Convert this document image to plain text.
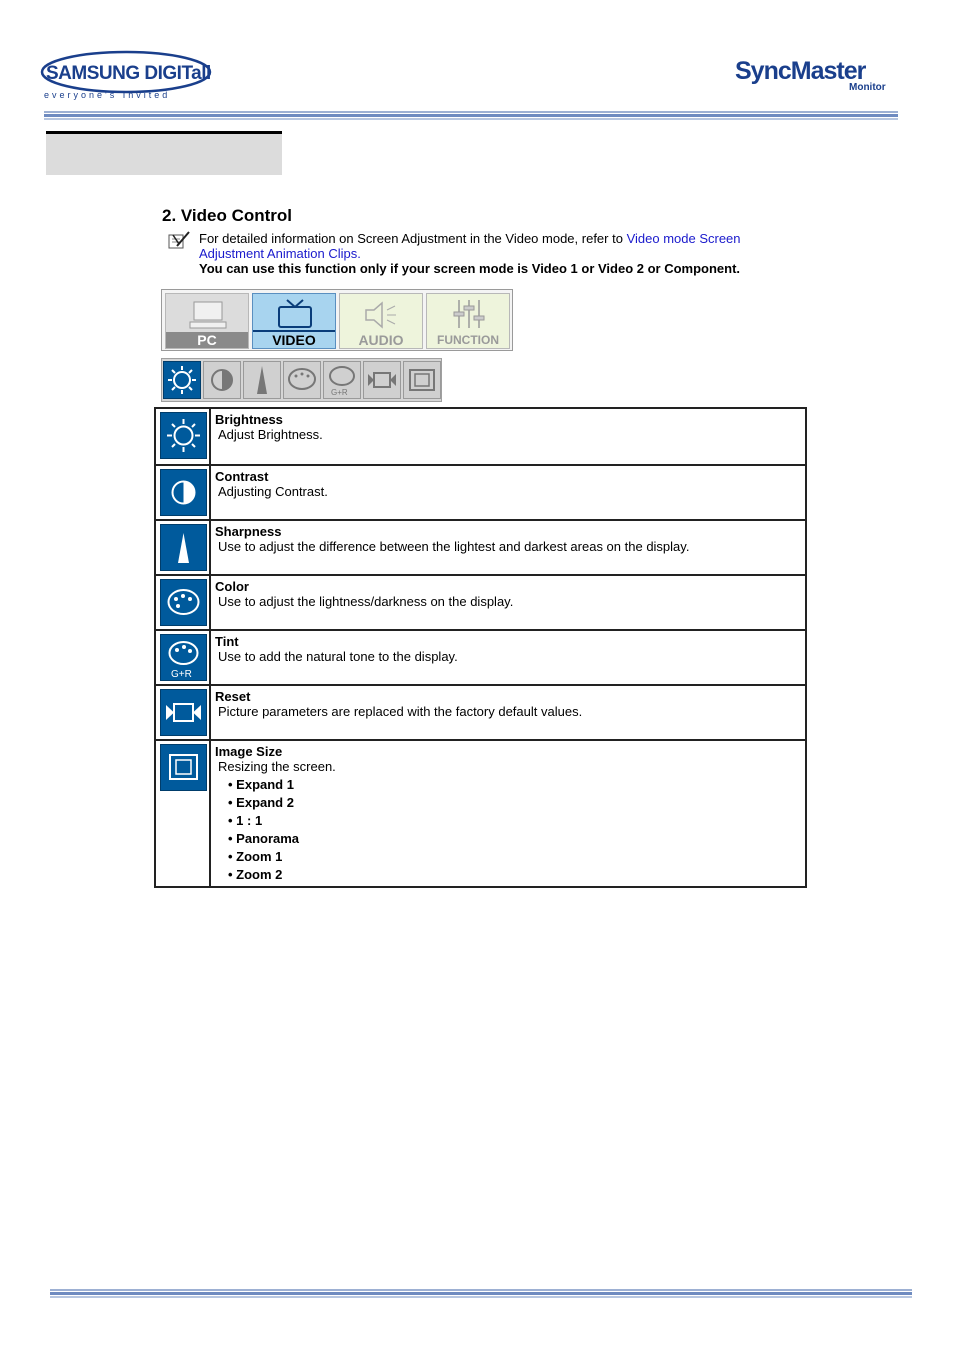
SAMSUNG DIGITall
everyone's Invited
SyncMaster
Monitor
2. Video Control
For detailed information on Screen Adjustment in the Video mode, refer to Video mode Screen Adjustment Animation Clips.
You can use this function only if your screen mode is Video 1 or Video 2 or Component.
PC	VIDEO	AUDIO	FUNCTION
G+R
Brightness
Adjust Brightness.
Contrast
Adjusting Contrast.
Sharpness
Use to adjust the difference between the lightest and darkest areas on the display.
Color
Use to adjust the lightness/darkness on the display.
G+R
Tint
Use to add the natural tone to the display.
Reset
Picture parameters are replaced with the factory default values.
Image Size
Resizing the screen.
• Expand 1
• Expand 2
• 1 : 1
• Panorama
• Zoom 1
• Zoom 2
